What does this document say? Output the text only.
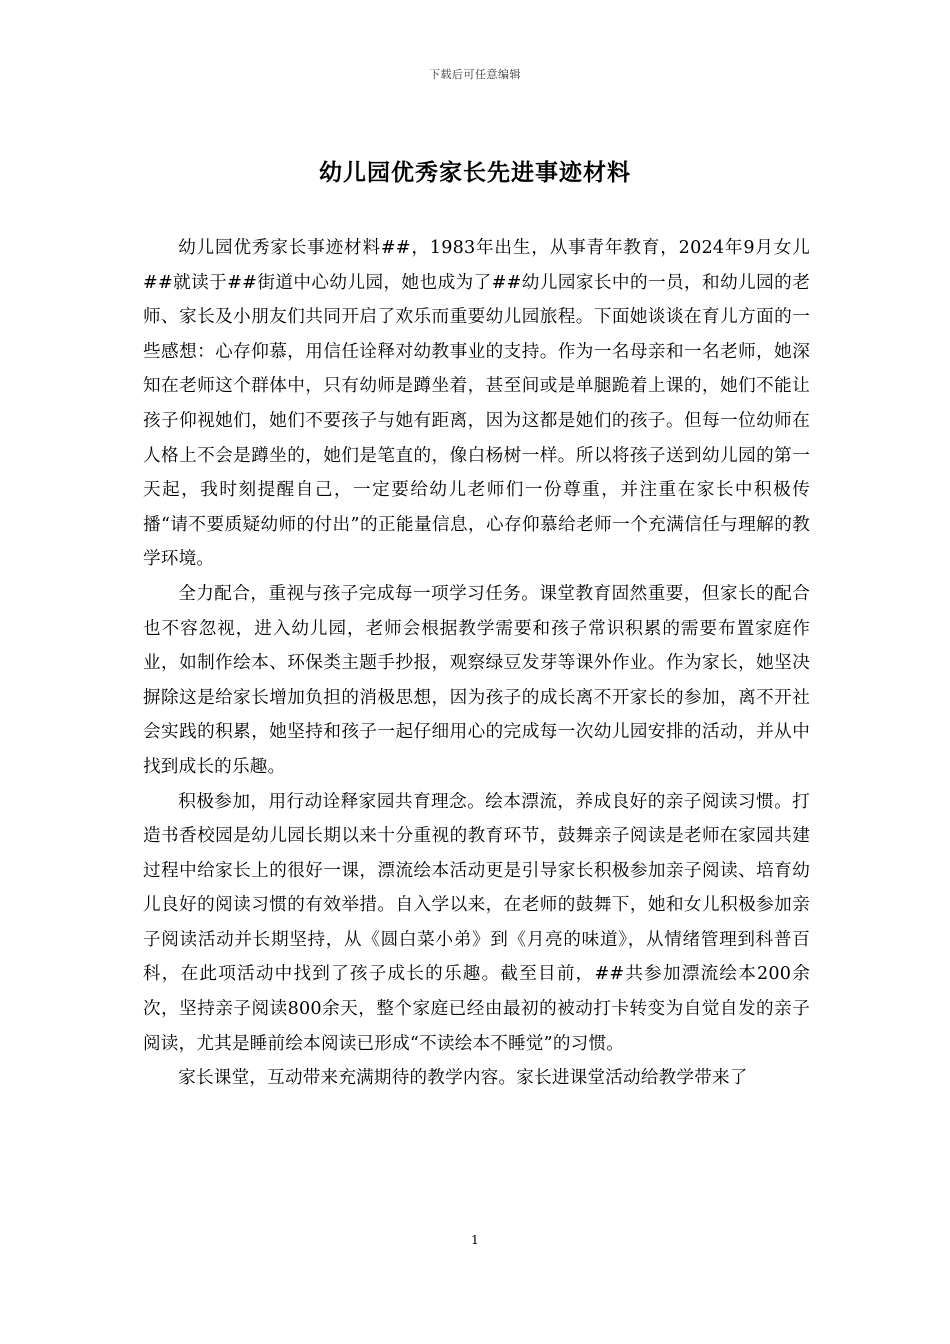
下载后可任意编辑
幼儿园优秀家长先进事迹材料

幼儿园优秀家长事迹材料##，1983年出生，从事青年教育，2024年9月女儿##就读于##街道中心幼儿园，她也成为了##幼儿园家长中的一员，和幼儿园的老师、家长及小朋友们共同开启了欢乐而重要幼儿园旅程。下面她谈谈在育儿方面的一些感想：心存仰慕，用信任诠释对幼教事业的支持。作为一名母亲和一名老师，她深知在老师这个群体中，只有幼师是蹲坐着，甚至间或是单腿跪着上课的，她们不能让孩子仰视她们，她们不要孩子与她有距离，因为这都是她们的孩子。但每一位幼师在人格上不会是蹲坐的，她们是笔直的，像白杨树一样。所以将孩子送到幼儿园的第一天起，我时刻提醒自己，一定要给幼儿老师们一份尊重，并注重在家长中积极传播“请不要质疑幼师的付出”的正能量信息，心存仰慕给老师一个充满信任与理解的教学环境。

全力配合，重视与孩子完成每一项学习任务。课堂教育固然重要，但家长的配合也不容忽视，进入幼儿园，老师会根据教学需要和孩子常识积累的需要布置家庭作业，如制作绘本、环保类主题手抄报，观察绿豆发芽等课外作业。作为家长，她坚决摒除这是给家长增加负担的消极思想，因为孩子的成长离不开家长的参加，离不开社会实践的积累，她坚持和孩子一起仔细用心的完成每一次幼儿园安排的活动，并从中找到成长的乐趣。

积极参加，用行动诠释家园共育理念。绘本漂流，养成良好的亲子阅读习惯。打造书香校园是幼儿园长期以来十分重视的教育环节，鼓舞亲子阅读是老师在家园共建过程中给家长上的很好一课，漂流绘本活动更是引导家长积极参加亲子阅读、培育幼儿良好的阅读习惯的有效举措。自入学以来，在老师的鼓舞下，她和女儿积极参加亲子阅读活动并长期坚持，从《圆白菜小弟》到《月亮的味道》，从情绪管理到科普百科，在此项活动中找到了孩子成长的乐趣。截至目前，##共参加漂流绘本200余次，坚持亲子阅读800余天，整个家庭已经由最初的被动打卡转变为自觉自发的亲子阅读，尤其是睡前绘本阅读已形成“不读绘本不睡觉”的习惯。

家长课堂，互动带来充满期待的教学内容。家长进课堂活动给教学带来了

1
